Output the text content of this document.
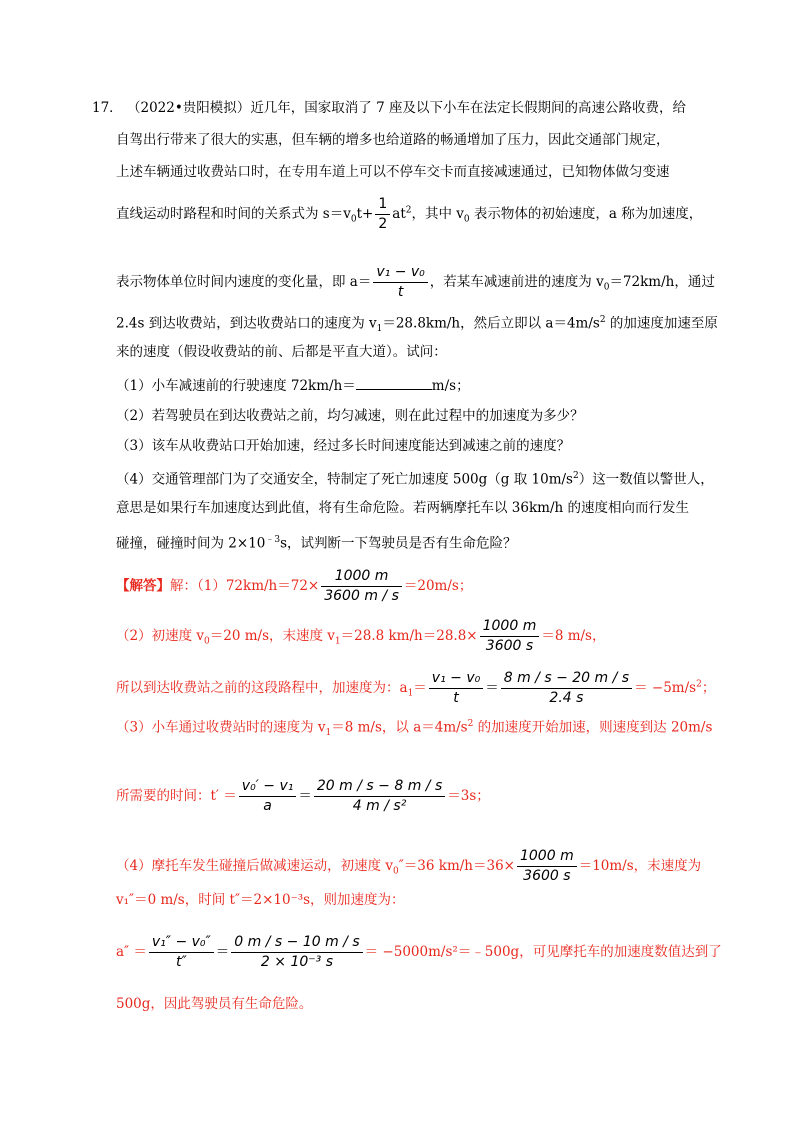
17． （2022•贵阳模拟）近几年，国家取消了 7 座及以下小车在法定长假期间的高速公路收费，给
自驾出行带来了很大的实惠，但车辆的增多也给道路的畅通增加了压力，因此交通部门规定，
上述车辆通过收费站口时，在专用车道上可以不停车交卡而直接减速通过，已知物体做匀变速
直线运动时路程和时间的关系式为 $s=v_0t+ \frac{1}{2} at^2$，其中 $v_0$ 表示物体的初始速度，a 称为加速度，
表示物体单位时间内速度的变化量，即 $a= \frac{\text{v₁ − v₀}}{t}$ ，若某车减速前进的速度为 $v_0=72km/h$，通过
2.4s 到达收费站，到达收费站口的速度为 $v_1=28.8km/h$，然后立即以 $a=4m/s^2$ 的加速度加速至原
来的速度（假设收费站的前、后都是平直大道）。试问：
（1）小车减速前的行驶速度 72km/h＝	m/s；
（2）若驾驶员在到达收费站之前，均匀减速，则在此过程中的加速度为多少？
（3）该车从收费站口开始加速，经过多长时间速度能达到减速之前的速度？
（4）交通管理部门为了交通安全，特制定了死亡加速度 500g（g 取 $10m/s^2$）这一数值以警世人，
意思是如果行车加速度达到此值，将有生命危险。若两辆摩托车以 36km/h 的速度相向而行发生
碰撞，碰撞时间为 $2\times 10^{﹣3}s$，试判断一下驾驶员是否有生命危险？
【解答】解：$(1)72km/h=72\times \frac{1000 m}{3600 m / s} =20m/s$；
（2）初速度 $v_0=20$ m/s，末速度 $v_1=28.8$ $km/h=28.8\times \frac{1000 m}{3600 s} =8$ m/s，
所以到达收费站之前的这段路程中，加速度为：$a_1= \frac{\text{v₁ − v₀}}{t} = \frac{8 m / s - 20 m / s}{2.4 s} = -5m/s^2$；
（3）小车通过收费站时的速度为 $v_1=8$ m/s，以 $a=4m/s^2$ 的加速度开始加速，则速度到达 20m/s
所需要的时间：$t' = \frac{\text{v₀′ − v₁}}{a} = \frac{20 m / s - 8 m / s}{\text{4 m / s²}} =3s$；
（4）摩托车发生碰撞后做减速运动，初速度 $v_0''=36$ $km/h=36\times \frac{1000 m}{3600 s} =10m/s$，末速度为
v₁″＝0 m/s，时间 t″＝2×10⁻³s，则加速度为：
$a'' = \frac{\text{v₁″ − v₀″}}{t''} = \frac{0 m / s - 10 m / s}{\text{2 × 10⁻³ s}}$ ＝ −5000m/s²＝﹣500g，可见摩托车的加速度数值达到了
500g，因此驾驶员有生命危险。
